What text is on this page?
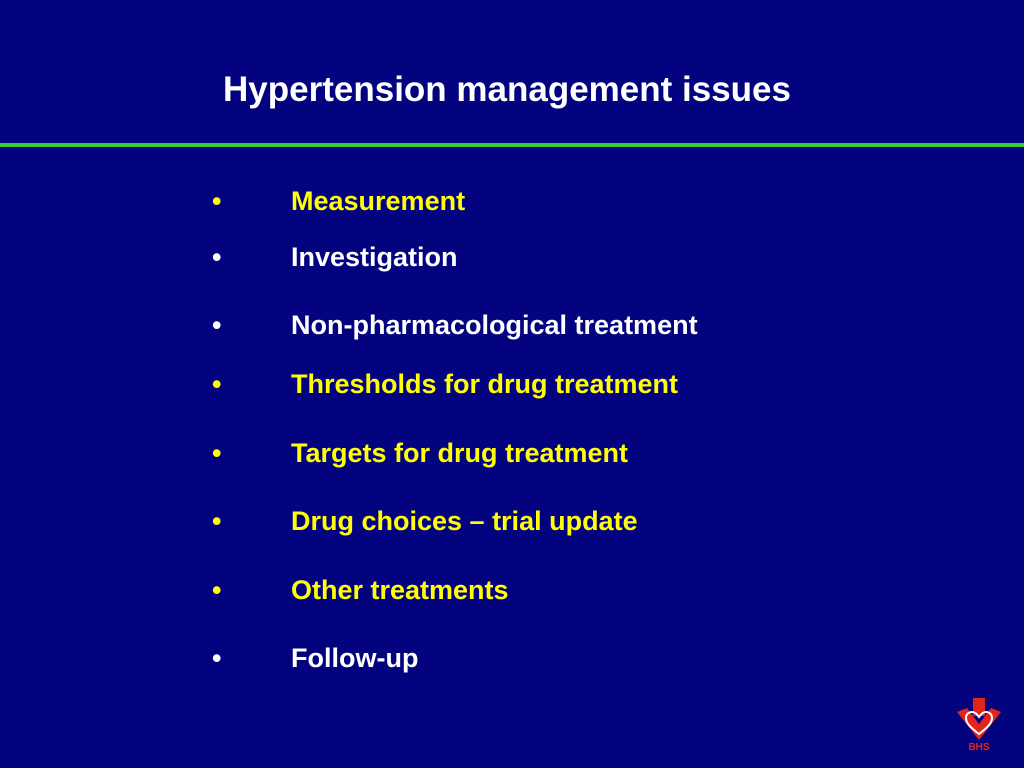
Hypertension management issues
•	Measurement
•	Investigation
•	Non-pharmacological treatment
•	Thresholds for drug treatment
•	Targets for drug treatment
•	Drug choices – trial update
•	Other treatments
•	Follow-up
BHS
